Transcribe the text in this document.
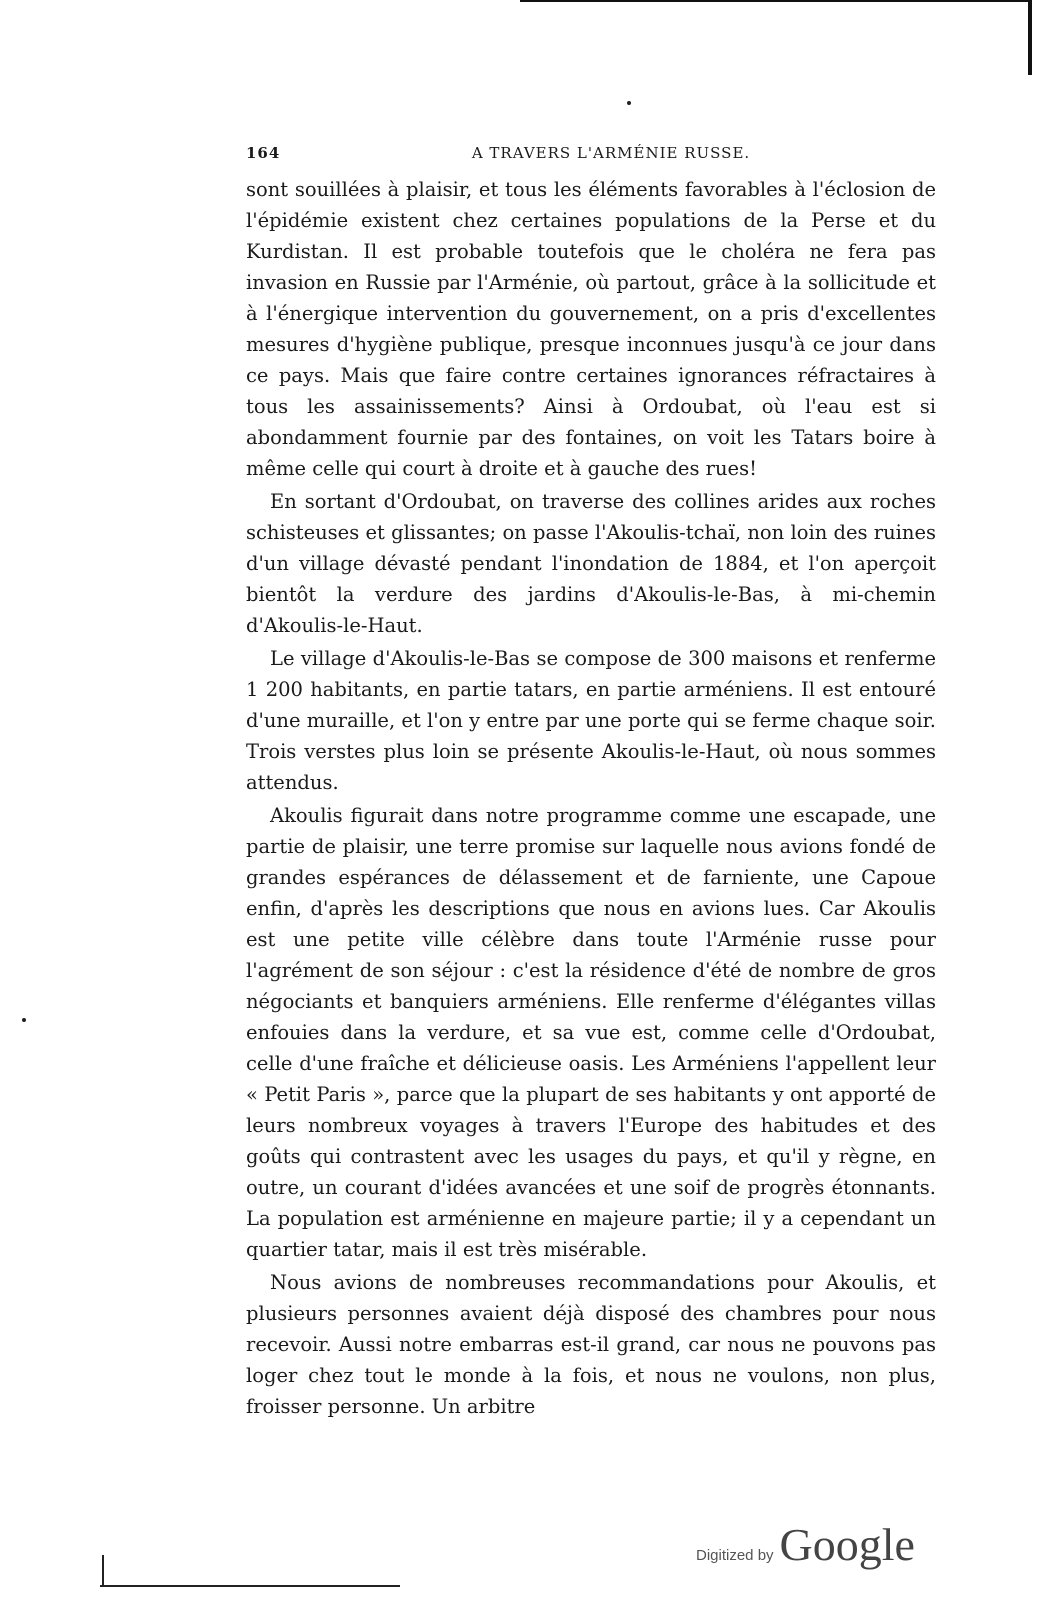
164	A TRAVERS L'ARMÉNIE RUSSE.

sont souillées à plaisir, et tous les éléments favorables à l'éclosion de l'épidémie existent chez certaines populations de la Perse et du Kurdistan. Il est probable toutefois que le choléra ne fera pas invasion en Russie par l'Arménie, où partout, grâce à la sollicitude et à l'énergique intervention du gouvernement, on a pris d'excellentes mesures d'hygiène publique, presque inconnues jusqu'à ce jour dans ce pays. Mais que faire contre certaines ignorances réfractaires à tous les assainissements? Ainsi à Ordoubat, où l'eau est si abondamment fournie par des fontaines, on voit les Tatars boire à même celle qui court à droite et à gauche des rues!

En sortant d'Ordoubat, on traverse des collines arides aux roches schisteuses et glissantes; on passe l'Akoulis-tchaï, non loin des ruines d'un village dévasté pendant l'inondation de 1884, et l'on aperçoit bientôt la verdure des jardins d'Akoulis-le-Bas, à mi-chemin d'Akoulis-le-Haut.

Le village d'Akoulis-le-Bas se compose de 300 maisons et renferme 1 200 habitants, en partie tatars, en partie arméniens. Il est entouré d'une muraille, et l'on y entre par une porte qui se ferme chaque soir. Trois verstes plus loin se présente Akoulis-le-Haut, où nous sommes attendus.

Akoulis figurait dans notre programme comme une escapade, une partie de plaisir, une terre promise sur laquelle nous avions fondé de grandes espérances de délassement et de farniente, une Capoue enfin, d'après les descriptions que nous en avions lues. Car Akoulis est une petite ville célèbre dans toute l'Arménie russe pour l'agrément de son séjour : c'est la résidence d'été de nombre de gros négociants et banquiers arméniens. Elle renferme d'élégantes villas enfouies dans la verdure, et sa vue est, comme celle d'Ordoubat, celle d'une fraîche et délicieuse oasis. Les Arméniens l'appellent leur « Petit Paris », parce que la plupart de ses habitants y ont apporté de leurs nombreux voyages à travers l'Europe des habitudes et des goûts qui contrastent avec les usages du pays, et qu'il y règne, en outre, un courant d'idées avancées et une soif de progrès étonnants. La population est arménienne en majeure partie; il y a cependant un quartier tatar, mais il est très misérable.

Nous avions de nombreuses recommandations pour Akoulis, et plusieurs personnes avaient déjà disposé des chambres pour nous recevoir. Aussi notre embarras est-il grand, car nous ne pouvons pas loger chez tout le monde à la fois, et nous ne voulons, non plus, froisser personne. Un arbitre

Digitized by Google
